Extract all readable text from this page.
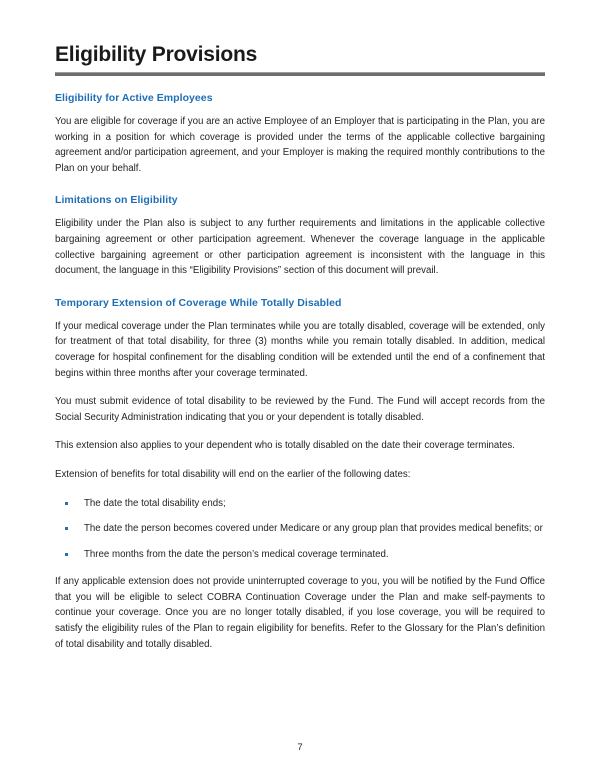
Eligibility Provisions
Eligibility for Active Employees

You are eligible for coverage if you are an active Employee of an Employer that is participating in the Plan, you are working in a position for which coverage is provided under the terms of the applicable collective bargaining agreement and/or participation agreement, and your Employer is making the required monthly contributions to the Plan on your behalf.

Limitations on Eligibility

Eligibility under the Plan also is subject to any further requirements and limitations in the applicable collective bargaining agreement or other participation agreement. Whenever the coverage language in the applicable collective bargaining agreement or other participation agreement is inconsistent with the language in this document, the language in this “Eligibility Provisions” section of this document will prevail.

Temporary Extension of Coverage While Totally Disabled

If your medical coverage under the Plan terminates while you are totally disabled, coverage will be extended, only for treatment of that total disability, for three (3) months while you remain totally disabled. In addition, medical coverage for hospital confinement for the disabling condition will be extended until the end of a confinement that begins within three months after your coverage terminated.

You must submit evidence of total disability to be reviewed by the Fund. The Fund will accept records from the Social Security Administration indicating that you or your dependent is totally disabled.

This extension also applies to your dependent who is totally disabled on the date their coverage terminates.

Extension of benefits for total disability will end on the earlier of the following dates:

The date the total disability ends;
The date the person becomes covered under Medicare or any group plan that provides medical benefits; or
Three months from the date the person’s medical coverage terminated.

If any applicable extension does not provide uninterrupted coverage to you, you will be notified by the Fund Office that you will be eligible to select COBRA Continuation Coverage under the Plan and make self-payments to continue your coverage. Once you are no longer totally disabled, if you lose coverage, you will be required to satisfy the eligibility rules of the Plan to regain eligibility for benefits. Refer to the Glossary for the Plan’s definition of total disability and totally disabled.

7
